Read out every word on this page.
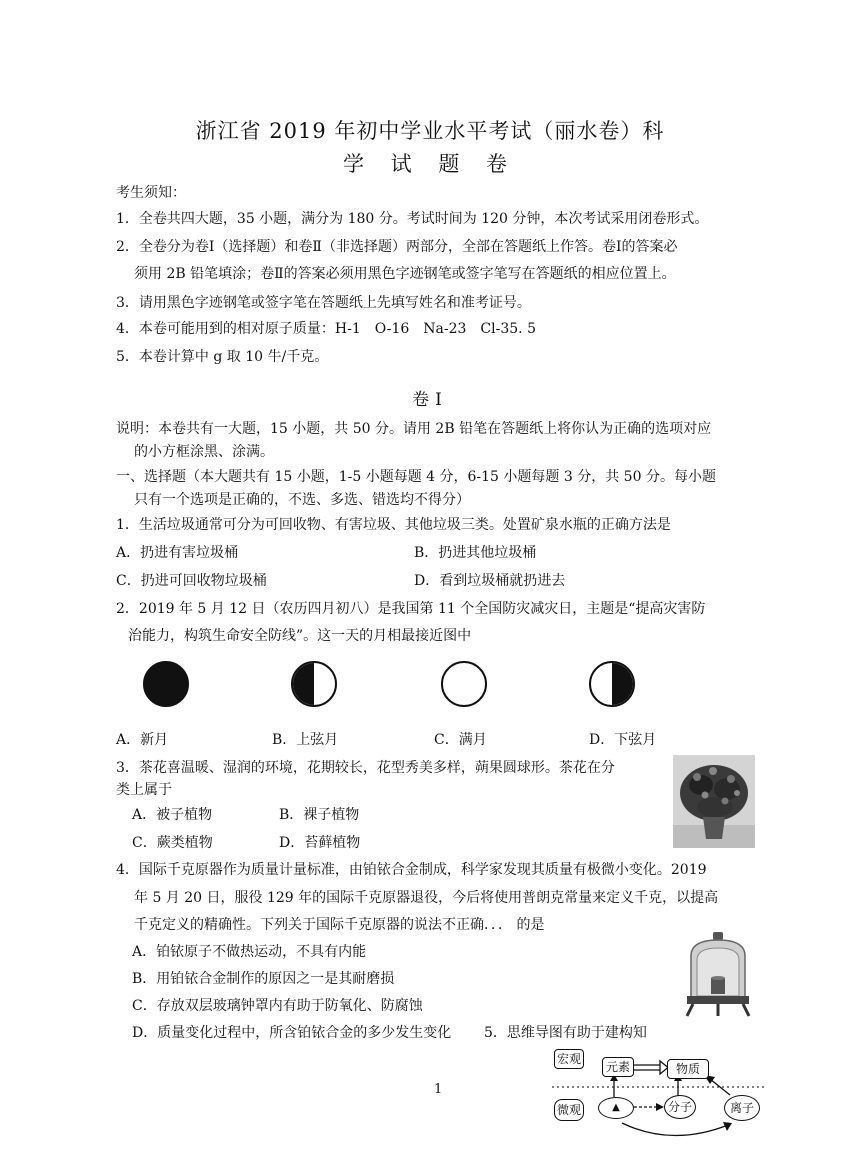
浙江省 2019 年初中学业水平考试（丽水卷）科
学 试 题 卷
考生须知：
1．全卷共四大题，35 小题，满分为 180 分。考试时间为 120 分钟，本次考试采用闭卷形式。
2．全卷分为卷Ⅰ（选择题）和卷Ⅱ（非选择题）两部分，全部在答题纸上作答。卷Ⅰ的答案必
须用 2B 铅笔填涂；卷Ⅱ的答案必须用黑色字迹钢笔或签字笔写在答题纸的相应位置上。
3．请用黑色字迹钢笔或签字笔在答题纸上先填写姓名和准考证号。
4．本卷可能用到的相对原子质量：H-1　O-16　Na-23　Cl-35. 5
5．本卷计算中 g 取 10 牛/千克。
卷Ⅰ
说明：本卷共有一大题，15 小题，共 50 分。请用 2B 铅笔在答题纸上将你认为正确的选项对应
的小方框涂黑、涂满。
一、选择题（本大题共有 15 小题，1-5 小题每题 4 分，6-15 小题每题 3 分，共 50 分。每小题
只有一个选项是正确的，不选、多选、错选均不得分）
1．生活垃圾通常可分为可回收物、有害垃圾、其他垃圾三类。处置矿泉水瓶的正确方法是
A．扔进有害垃圾桶	B．扔进其他垃圾桶
C．扔进可回收物垃圾桶	D．看到垃圾桶就扔进去
2．2019 年 5 月 12 日（农历四月初八）是我国第 11 个全国防灾减灾日，主题是“提高灾害防
治能力，构筑生命安全防线”。这一天的月相最接近图中
A．新月	B．上弦月	C．满月	D．下弦月
3．茶花喜温暖、湿润的环境，花期较长，花型秀美多样，蒴果圆球形。茶花在分
类上属于
A．被子植物	B．裸子植物
C．蕨类植物	D．苔藓植物
4．国际千克原器作为质量计量标准，由铂铱合金制成，科学家发现其质量有极微小变化。2019
年 5 月 20 日，服役 129 年的国际千克原器退役，今后将使用普朗克常量来定义千克，以提高
千克定义的精确性。下列关于国际千克原器的说法不正确．．． 的是
A．铂铱原子不做热运动，不具有内能
B．用铂铱合金制作的原因之一是其耐磨损
C．存放双层玻璃钟罩内有助于防氧化、防腐蚀
D．质量变化过程中，所含铂铱合金的多少发生变化 5．思维导图有助于建构知
宏观
元素	物质
微观	▲	分子	离子
1
